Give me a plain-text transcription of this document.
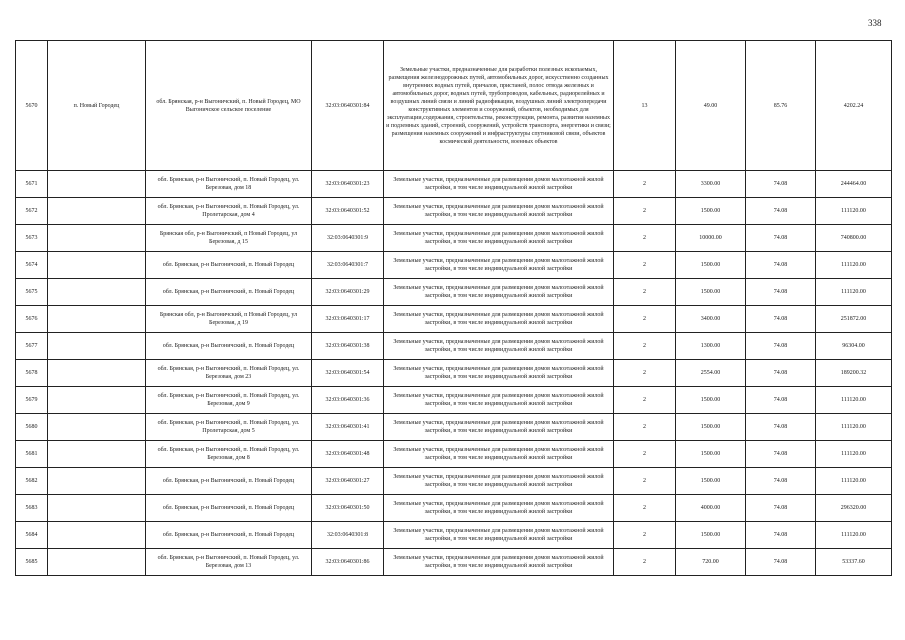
338
5670	п. Новый Городец	обл. Брянская, р-н Выгоничский, п. Новый Городец, МО Выгоничское сельское поселение	32:03:0640301:84	Земельные участки, предназначенные для разработки полезных ископаемых, размещения железнодорожных путей, автомобильных дорог, искусственно созданных внутренних водных путей, причалов, пристаней, полос отвода железных и автомобильных дорог, водных путей, трубопроводов, кабельных, радиорелейных и воздушных линий связи и линий радиофикации, воздушных линий электропередачи конструктивных элементов и сооружений, объектов, необходимых для эксплуатации,содержания, строительства, реконструкции, ремонта, развития наземных и подземных зданий, строений, сооружений, устройств транспорта, энергетики и связи; размещения наземных сооружений и инфраструктуры спутниковой связи, объектов космической деятельности, военных объектов	13	49.00	85.76	4202.24
5671		обл. Брянская, р-н Выгоничский, п. Новый Городец, ул. Березовая, дом 18	32:03:0640301:23	Земельные участки, предназначенные для размещения домов малоэтажной жилой застройки, в том числе индивидуальной жилой застройки	2	3300.00	74.08	244464.00
5672		обл. Брянская, р-н Выгоничский, п. Новый Городец, ул. Пролетарская, дом 4	32:03:0640301:52	Земельные участки, предназначенные для размещения домов малоэтажной жилой застройки, в том числе индивидуальной жилой застройки	2	1500.00	74.08	111120.00
5673		Брянская обл, р-н Выгоничский, п Новый Городец, ул Березовая, д 15	32:03:0640301:9	Земельные участки, предназначенные для размещения домов малоэтажной жилой застройки, в том числе индивидуальной жилой застройки	2	10000.00	74.08	740800.00
5674		обл. Брянская, р-н Выгоничский, п. Новый Городец	32:03:0640301:7	Земельные участки, предназначенные для размещения домов малоэтажной жилой застройки, в том числе индивидуальной жилой застройки	2	1500.00	74.08	111120.00
5675		обл. Брянская, р-н Выгоничский, п. Новый Городец	32:03:0640301:29	Земельные участки, предназначенные для размещения домов малоэтажной жилой застройки, в том числе индивидуальной жилой застройки	2	1500.00	74.08	111120.00
5676		Брянская обл, р-н Выгоничский, п Новый Городец, ул Березовая, д 19	32:03:0640301:17	Земельные участки, предназначенные для размещения домов малоэтажной жилой застройки, в том числе индивидуальной жилой застройки	2	3400.00	74.08	251872.00
5677		обл. Брянская, р-н Выгоничский, п. Новый Городец	32:03:0640301:38	Земельные участки, предназначенные для размещения домов малоэтажной жилой застройки, в том числе индивидуальной жилой застройки	2	1300.00	74.08	96304.00
5678		обл. Брянская, р-н Выгоничский, п. Новый Городец, ул. Березовая, дом 23	32:03:0640301:54	Земельные участки, предназначенные для размещения домов малоэтажной жилой застройки, в том числе индивидуальной жилой застройки	2	2554.00	74.08	189200.32
5679		обл. Брянская, р-н Выгоничский, п. Новый Городец, ул. Березовая, дом 9	32:03:0640301:36	Земельные участки, предназначенные для размещения домов малоэтажной жилой застройки, в том числе индивидуальной жилой застройки	2	1500.00	74.08	111120.00
5680		обл. Брянская, р-н Выгоничский, п. Новый Городец, ул. Пролетарская, дом 5	32:03:0640301:41	Земельные участки, предназначенные для размещения домов малоэтажной жилой застройки, в том числе индивидуальной жилой застройки	2	1500.00	74.08	111120.00
5681		обл. Брянская, р-н Выгоничский, п. Новый Городец, ул. Березовая, дом 8	32:03:0640301:48	Земельные участки, предназначенные для размещения домов малоэтажной жилой застройки, в том числе индивидуальной жилой застройки	2	1500.00	74.08	111120.00
5682		обл. Брянская, р-н Выгоничский, п. Новый Городец	32:03:0640301:27	Земельные участки, предназначенные для размещения домов малоэтажной жилой застройки, в том числе индивидуальной жилой застройки	2	1500.00	74.08	111120.00
5683		обл. Брянская, р-н Выгоничский, п. Новый Городец	32:03:0640301:50	Земельные участки, предназначенные для размещения домов малоэтажной жилой застройки, в том числе индивидуальной жилой застройки	2	4000.00	74.08	296320.00
5684		обл. Брянская, р-н Выгоничский, п. Новый Городец	32:03:0640301:8	Земельные участки, предназначенные для размещения домов малоэтажной жилой застройки, в том числе индивидуальной жилой застройки	2	1500.00	74.08	111120.00
5685		обл. Брянская, р-н Выгоничский, п. Новый Городец, ул. Березовая, дом 13	32:03:0640301:86	Земельные участки, предназначенные для размещения домов малоэтажной жилой застройки, в том числе индивидуальной жилой застройки	2	720.00	74.08	53337.60
